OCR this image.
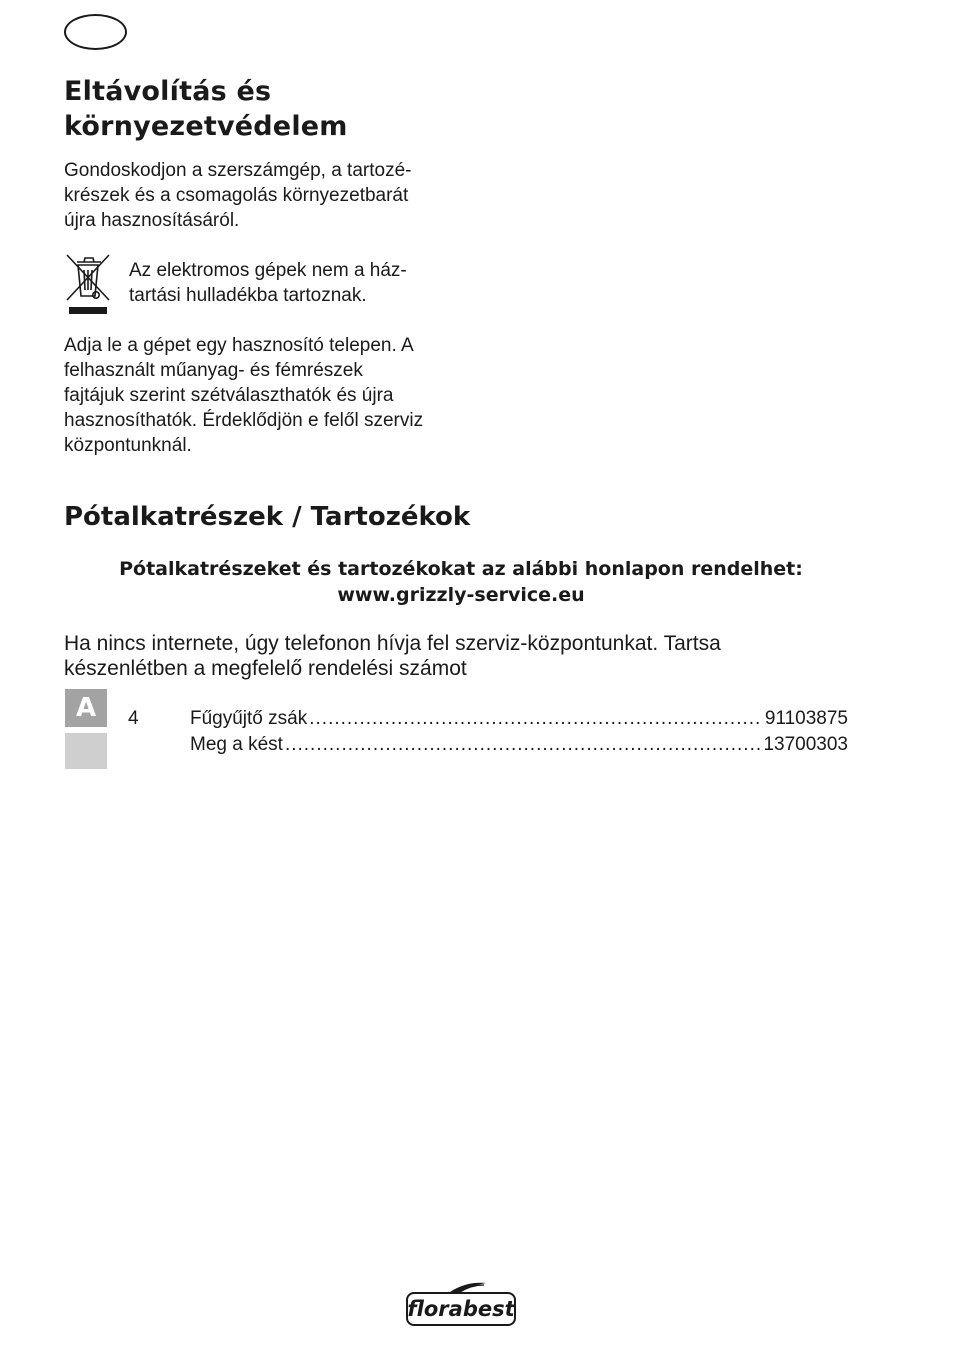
Eltávolítás és
környezetvédelem

Gondoskodjon a szerszámgép, a tartozé-
krészek és a csomagolás környezetbarát
újra hasznosításáról.

Az elektromos gépek nem a ház-
tartási hulladékba tartoznak.

Adja le a gépet egy hasznosító telepen. A
felhasznált műanyag- és fémrészek
fajtájuk szerint szétválaszthatók és újra
hasznosíthatók. Érdeklődjön e felől szerviz
központunknál.

Pótalkatrészek / Tartozékok
Pótalkatrészeket és tartozékokat az alábbi honlapon rendelhet:
www.grizzly-service.eu

Ha nincs internete, úgy telefonon hívja fel szerviz-központunkat. Tartsa
készenlétben a megfelelő rendelési számot

A	4	Fűgyűjtő zsák .....	91103875
Meg a kést .....	13700303
florabest
